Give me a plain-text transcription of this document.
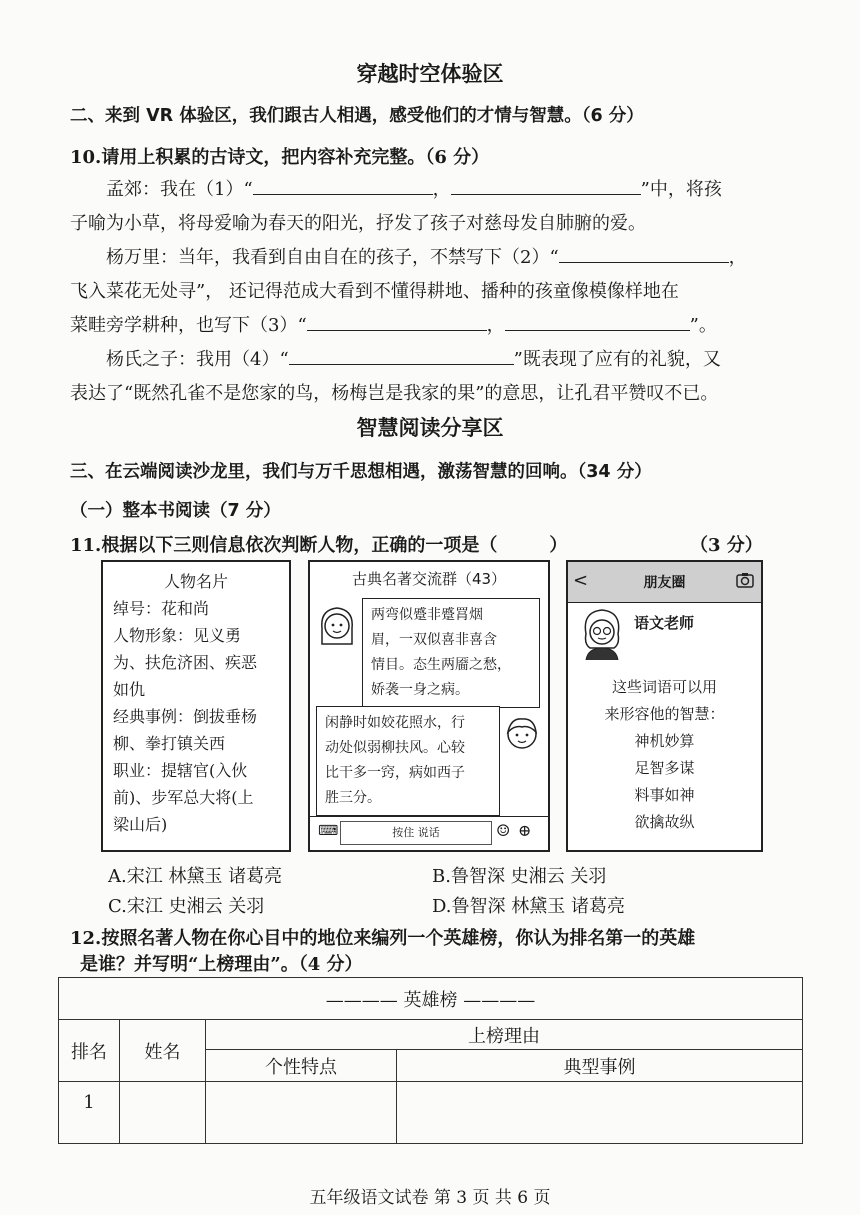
穿越时空体验区
二、来到 VR 体验区，我们跟古人相遇，感受他们的才情与智慧。（6 分）
10.请用上积累的古诗文，把内容补充完整。（6 分）
孟郊：我在（1）“	，	”中，将孩
子喻为小草，将母爱喻为春天的阳光，抒发了孩子对慈母发自肺腑的爱。
杨万里：当年，我看到自由自在的孩子，不禁写下（2）“	，
飞入菜花无处寻”， 还记得范成大看到不懂得耕地、播种的孩童像模像样地在
菜畦旁学耕种，也写下（3）“	，	”。
杨氏之子：我用（4）“	”既表现了应有的礼貌，又
表达了“既然孔雀不是您家的鸟，杨梅岂是我家的果”的意思，让孔君平赞叹不已。
智慧阅读分享区
三、在云端阅读沙龙里，我们与万千思想相遇，激荡智慧的回响。（34 分）
（一）整本书阅读（7 分）
11.根据以下三则信息依次判断人物，正确的一项是（	）	（3 分）
人物名片
绰号：花和尚
人物形象：见义勇
为、扶危济困、疾恶
如仇
经典事例：倒拔垂杨
柳、拳打镇关西
职业：提辖官(入伙
前)、步军总大将(上
梁山后)
古典名著交流群（43）
两弯似蹙非蹙罥烟
眉，一双似喜非喜含
情目。态生两靥之愁，
娇袭一身之病。
闲静时如姣花照水，行
动处似弱柳扶风。心较
比干多一窍，病如西子
胜三分。
⌨	按住 说话	☺ ⊕
<	朋友圈
语文老师
这些词语可以用
来形容他的智慧：
神机妙算
足智多谋
料事如神
欲擒故纵
A.宋江 林黛玉 诸葛亮	B.鲁智深 史湘云 关羽
C.宋江 史湘云 关羽	D.鲁智深 林黛玉 诸葛亮
12.按照名著人物在你心目中的地位来编列一个英雄榜，你认为排名第一的英雄
是谁？并写明“上榜理由”。（4 分）
———— 英雄榜 ————			
排名	姓名	上榜理由	
		个性特点	典型事例
1			
五年级语文试卷 第 3 页 共 6 页
